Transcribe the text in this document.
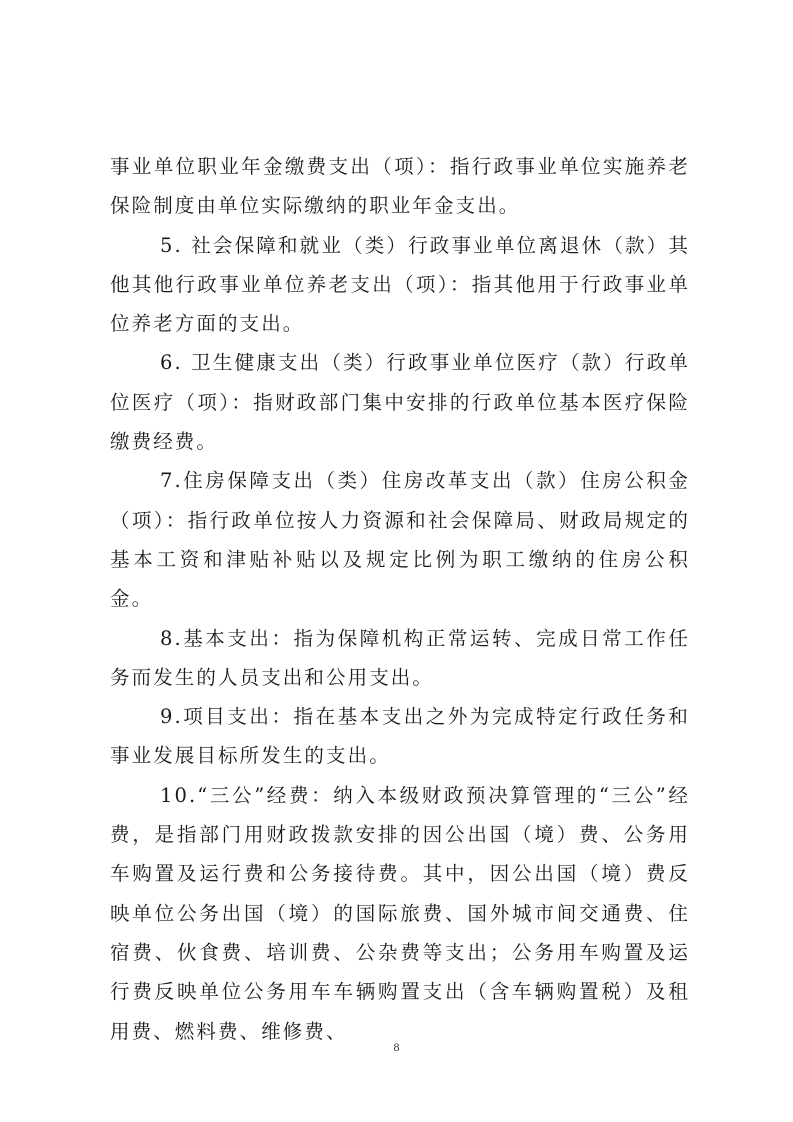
事业单位职业年金缴费支出（项）：指行政事业单位实施养老保险制度由单位实际缴纳的职业年金支出。

5. 社会保障和就业（类）行政事业单位离退休（款）其他其他行政事业单位养老支出（项）：指其他用于行政事业单位养老方面的支出。

6. 卫生健康支出（类）行政事业单位医疗（款）行政单位医疗（项）：指财政部门集中安排的行政单位基本医疗保险缴费经费。

7.住房保障支出（类）住房改革支出（款）住房公积金（项）：指行政单位按人力资源和社会保障局、财政局规定的基本工资和津贴补贴以及规定比例为职工缴纳的住房公积金。

8.基本支出：指为保障机构正常运转、完成日常工作任务而发生的人员支出和公用支出。

9.项目支出：指在基本支出之外为完成特定行政任务和事业发展目标所发生的支出。

10.“三公”经费：纳入本级财政预决算管理的“三公”经费，是指部门用财政拨款安排的因公出国（境）费、公务用车购置及运行费和公务接待费。其中，因公出国（境）费反映单位公务出国（境）的国际旅费、国外城市间交通费、住宿费、伙食费、培训费、公杂费等支出；公务用车购置及运行费反映单位公务用车车辆购置支出（含车辆购置税）及租用费、燃料费、维修费、

8
